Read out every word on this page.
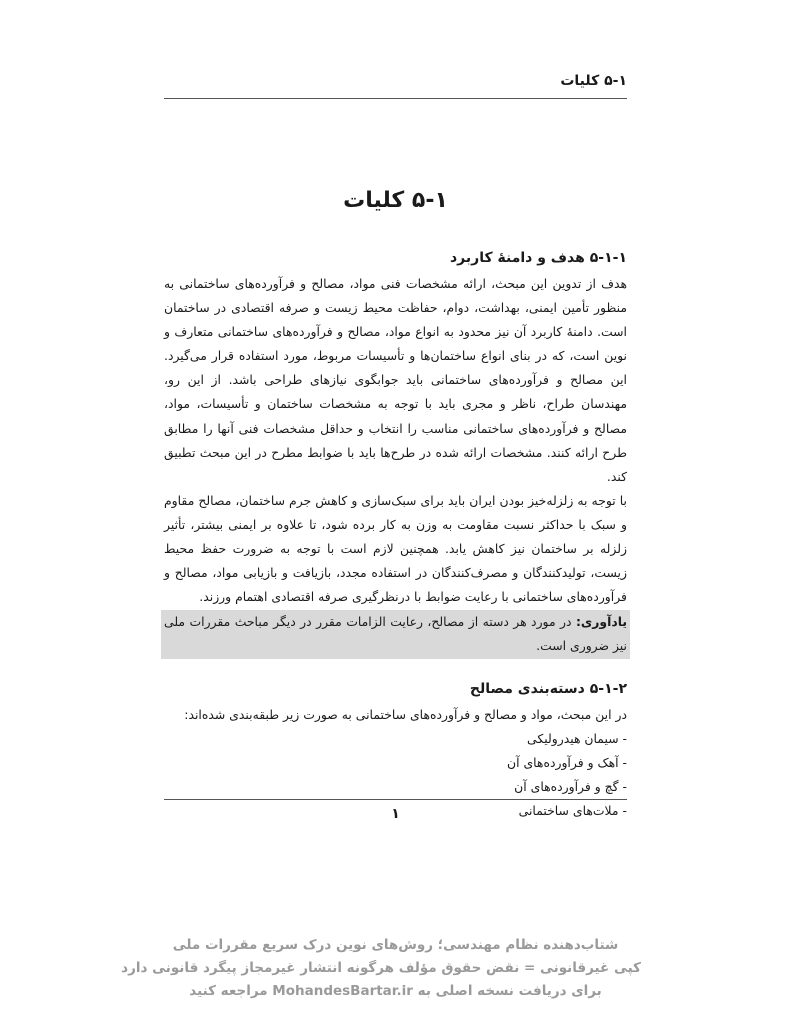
۵-۱ کلیات
۵-۱ کلیات
۵-۱-۱ هدف و دامنهٔ کاربرد

هدف از تدوین این مبحث، ارائه مشخصات فنی مواد، مصالح و فرآورده‌های ساختمانی به منظور تأمین ایمنی، بهداشت، دوام، حفاظت محیط زیست و صرفه اقتصادی در ساختمان است. دامنهٔ کاربرد آن نیز محدود به انواع مواد، مصالح و فرآورده‌های ساختمانی متعارف و نوین است، که در بنای انواع ساختمان‌ها و تأسیسات مربوط، مورد استفاده قرار می‌گیرد. این مصالح و فرآورده‌های ساختمانی باید جوابگوی نیازهای طراحی باشد. از این رو، مهندسان طراح، ناظر و مجری باید با توجه به مشخصات ساختمان و تأسیسات، مواد، مصالح و فرآورده‌های ساختمانی مناسب را انتخاب و حداقل مشخصات فنی آنها را مطابق طرح ارائه کنند. مشخصات ارائه شده در طرح‌ها باید با ضوابط مطرح در این مبحث تطبیق کند.

با توجه به زلزله‌خیز بودن ایران باید برای سبک‌سازی و کاهش جرم ساختمان، مصالح مقاوم و سبک با حداکثر نسبت مقاومت به وزن به کار برده شود، تا علاوه بر ایمنی بیشتر، تأثیر زلزله بر ساختمان نیز کاهش یابد. همچنین لازم است با توجه به ضرورت حفظ محیط زیست، تولیدکنندگان و مصرف‌کنندگان در استفاده مجدد، بازیافت و بازیابی مواد، مصالح و فرآورده‌های ساختمانی با رعایت ضوابط با درنظرگیری صرفه اقتصادی اهتمام ورزند.

یادآوری: در مورد هر دسته از مصالح، رعایت الزامات مقرر در دیگر مباحث مقررات ملی نیز ضروری است.
۵-۱-۲ دسته‌بندی مصالح

در این مبحث، مواد و مصالح و فرآورده‌های ساختمانی به صورت زیر طبقه‌بندی شده‌اند:

- سیمان هیدرولیکی
- آهک و فرآورده‌های آن
- گچ و فرآورده‌های آن
- ملات‌های ساختمانی
۱
شتاب‌دهنده نظام مهندسی؛ روش‌های نوین درک سریع مقررات ملی
کپی غیرقانونی = نقض حقوق مؤلف هرگونه انتشار غیرمجاز پیگرد قانونی دارد
برای دریافت نسخه اصلی به MohandesBartar.ir مراجعه کنید
